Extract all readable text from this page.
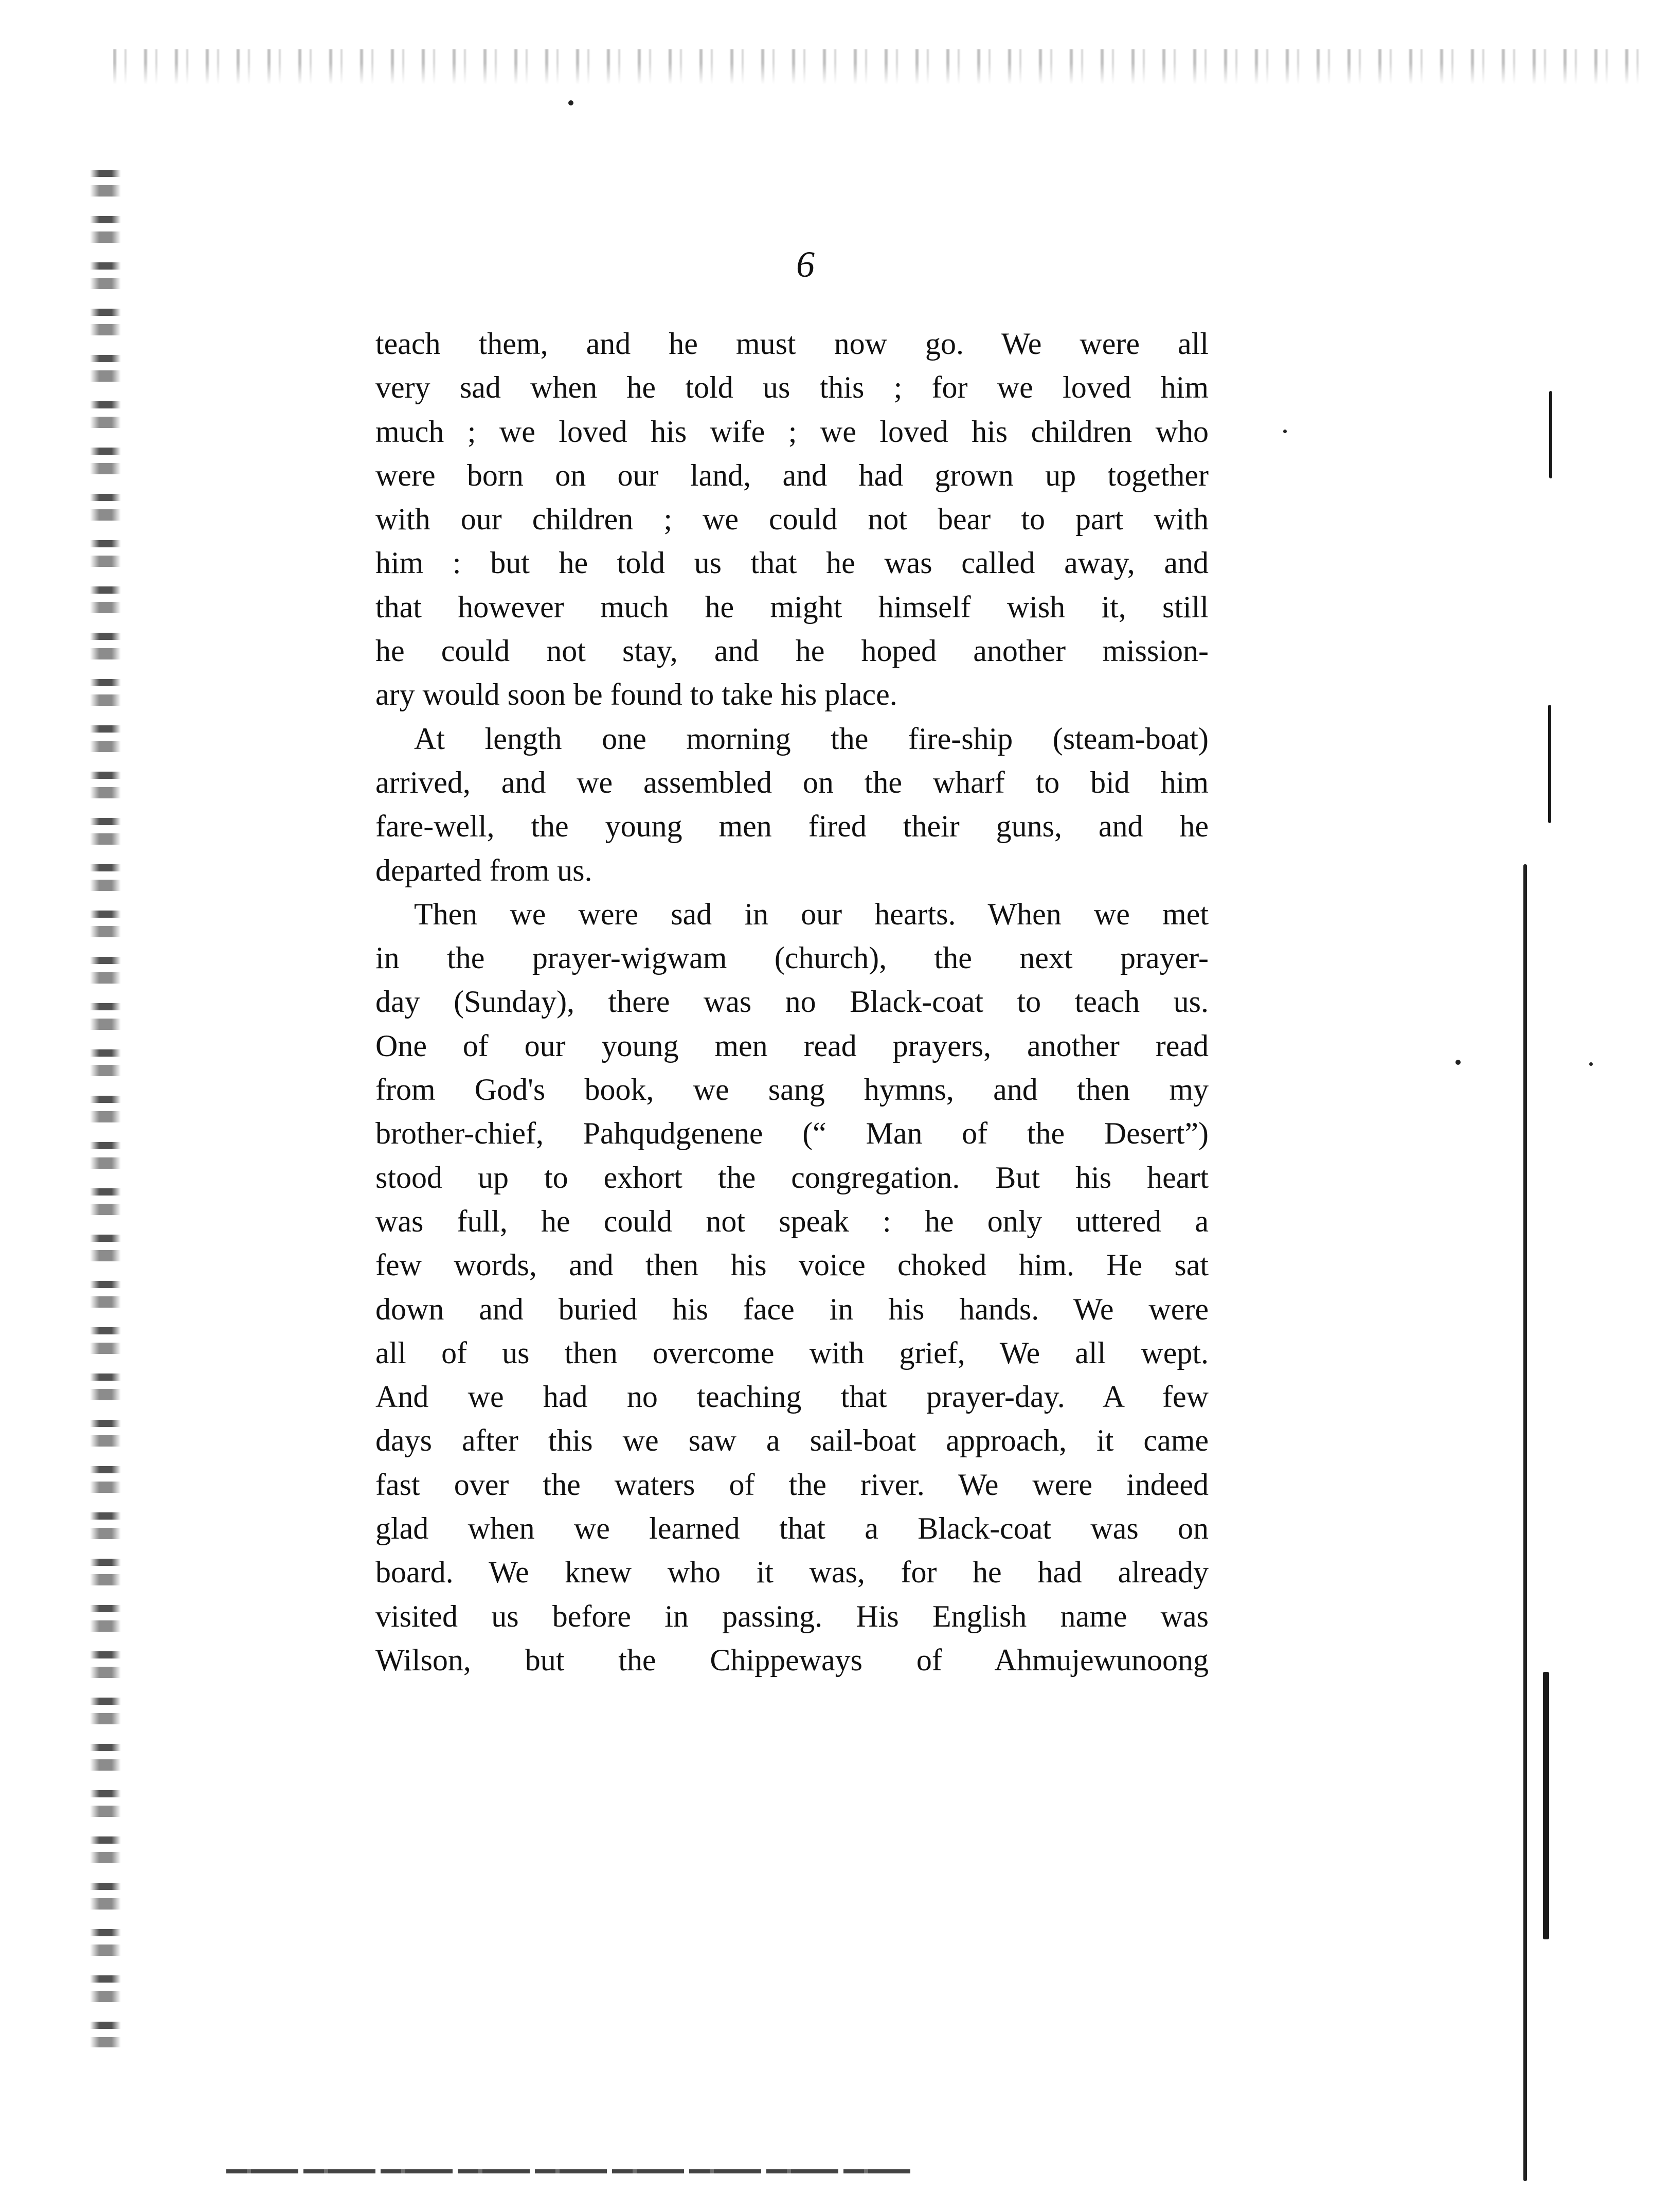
6
teach them, and he must now go. We were all
very sad when he told us this ; for we loved him
much ; we loved his wife ; we loved his children who
were born on our land, and had grown up together
with our children ; we could not bear to part with
him : but he told us that he was called away, and
that however much he might himself wish it, still
he could not stay, and he hoped another mission-
ary would soon be found to take his place.
At length one morning the fire-ship (steam-boat)
arrived, and we assembled on the wharf to bid him
fare-well, the young men fired their guns, and he
departed from us.
Then we were sad in our hearts. When we met
in the prayer-wigwam (church), the next prayer-
day (Sunday), there was no Black-coat to teach us.
One of our young men read prayers, another read
from God's book, we sang hymns, and then my
brother-chief, Pahqudgenene (“ Man of the Desert”)
stood up to exhort the congregation. But his heart
was full, he could not speak : he only uttered a
few words, and then his voice choked him. He sat
down and buried his face in his hands. We were
all of us then overcome with grief, We all wept.
And we had no teaching that prayer-day. A few
days after this we saw a sail-boat approach, it came
fast over the waters of the river. We were indeed
glad when we learned that a Black-coat was on
board. We knew who it was, for he had already
visited us before in passing. His English name was
Wilson, but the Chippeways of Ahmujewunoong
